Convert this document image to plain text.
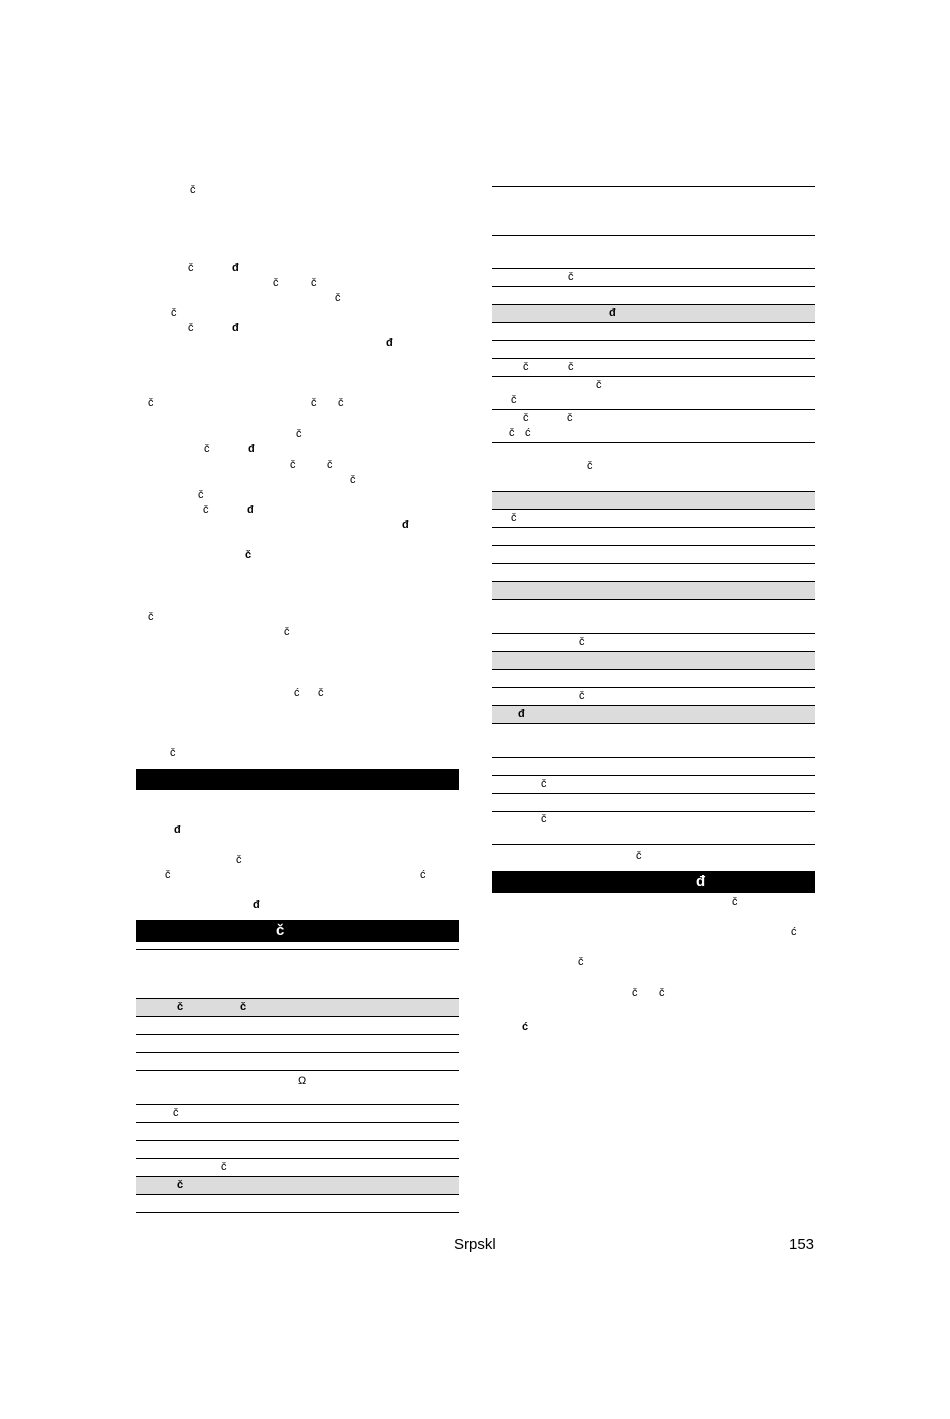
č
č	đ
č	č
č
č
č	đ
đ
č	č č
č
č	đ
č	č
č
č
č	đ
đ
č
č
č
ć č
č
đ
č
č	ć
đ
č
č	č
Ω
č
č
č
č
đ
č	č
č
č
č	č
č ć
č
č
č
č
đ
č
č
č
đ
č
ć
č
č č
ć
Srpskl	153
